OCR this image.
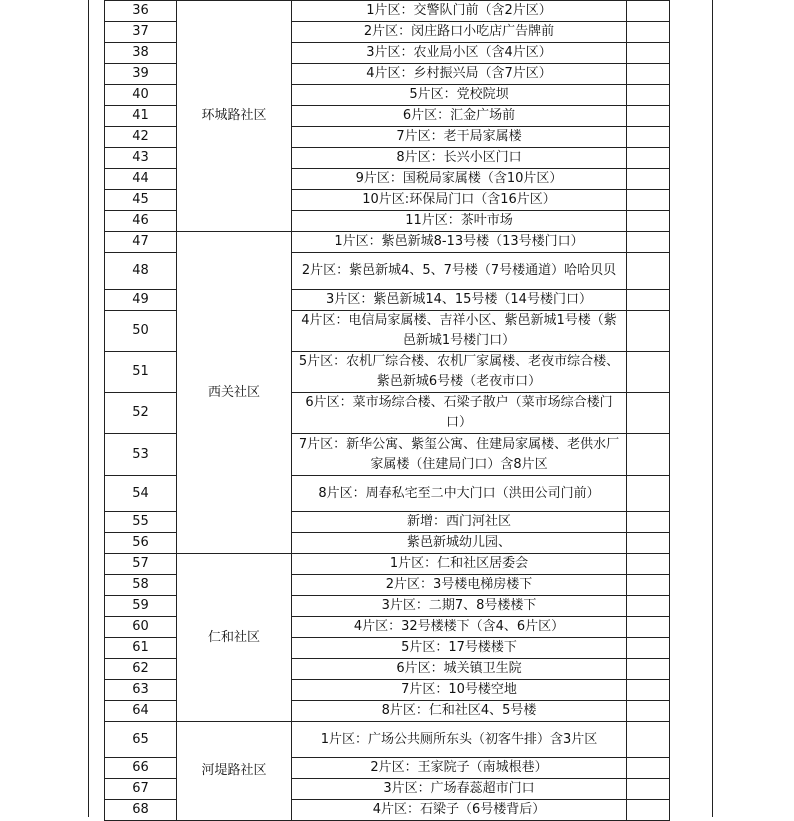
36	环城路社区	1片区：交警队门前（含2片区）	
37		2片区：闵庄路口小吃店广告牌前	
38		3片区：农业局小区（含4片区）	
39		4片区：乡村振兴局（含7片区）	
40		5片区：党校院坝	
41		6片区：汇金广场前	
42		7片区：老干局家属楼	
43		8片区：长兴小区门口	
44		9片区：国税局家属楼（含10片区）	
45		10片区:环保局门口（含16片区）	
46		11片区：茶叶市场	
47	西关社区	1片区：紫邑新城8-13号楼（13号楼门口）	
48		2片区：紫邑新城4、5、7号楼（7号楼通道）哈哈贝贝	
49		3片区：紫邑新城14、15号楼（14号楼门口）	
50		4片区：电信局家属楼、吉祥小区、紫邑新城1号楼（紫邑新城1号楼门口）	
51		5片区：农机厂综合楼、农机厂家属楼、老夜市综合楼、紫邑新城6号楼（老夜市口）	
52		6片区：菜市场综合楼、石梁子散户（菜市场综合楼门口）	
53		7片区：新华公寓、紫玺公寓、住建局家属楼、老供水厂家属楼（住建局门口）含8片区	
54		8片区：周春私宅至二中大门口（洪田公司门前）	
55		新增：西门河社区	
56		紫邑新城幼儿园、	
57	仁和社区	1片区：仁和社区居委会	
58		2片区：3号楼电梯房楼下	
59		3片区：二期7、8号楼楼下	
60		4片区：32号楼楼下（含4、6片区）	
61		5片区：17号楼楼下	
62		6片区：城关镇卫生院	
63		7片区：10号楼空地	
64		8片区：仁和社区4、5号楼	
65	河堤路社区	1片区：广场公共厕所东头（初客牛排）含3片区	
66		2片区：王家院子（南城根巷）	
67		3片区：广场春蕊超市门口	
68		4片区：石梁子（6号楼背后）	
